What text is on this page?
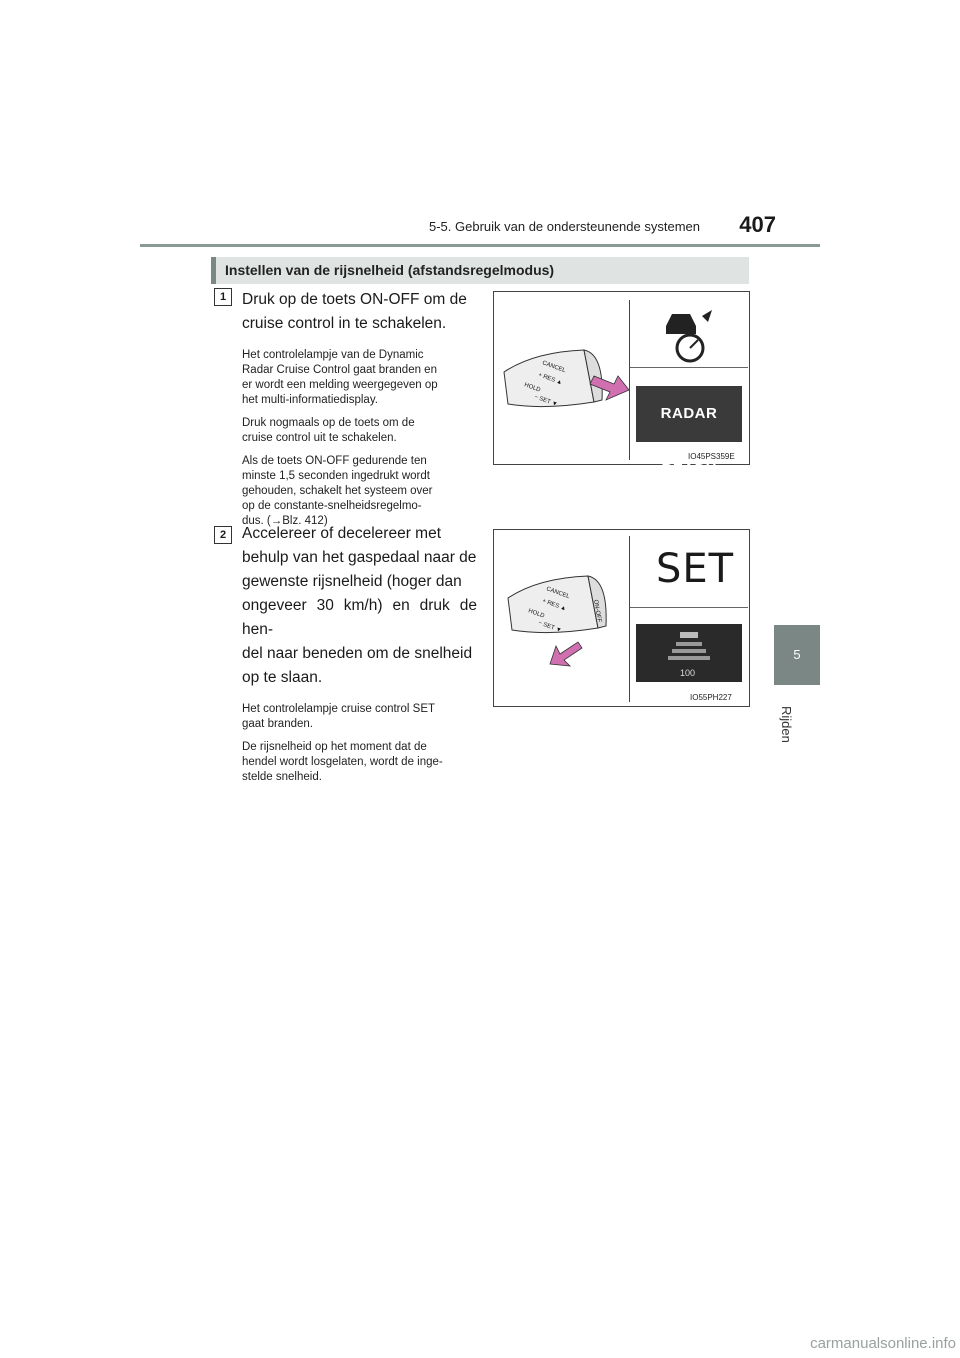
5-5. Gebruik van de ondersteunende systemen	407
5
Rijden
Instellen van de rijsnelheid (afstandsregelmodus)
1	Druk op de toets ON-OFF om de
cruise control in te schakelen.
Het controlelampje van de Dynamic
Radar Cruise Control gaat branden en
er wordt een melding weergegeven op
het multi-informatiedisplay.
Druk nogmaals op de toets om de
cruise control uit te schakelen.
Als de toets ON-OFF gedurende ten
minste 1,5 seconden ingedrukt wordt
gehouden, schakelt het systeem over
op de constante-snelheidsregelmo-
dus. (→Blz. 412)
CANCEL
+ RES ▲
HOLD
− SET ▼
RADAR READY
IO45PS359E
2	Accelereer of decelereer met
behulp van het gaspedaal naar de
gewenste rijsnelheid (hoger dan
ongeveer 30 km/h) en druk de hen-
del naar beneden om de snelheid
op te slaan.
Het controlelampje cruise control SET
gaat branden.
De rijsnelheid op het moment dat de
hendel wordt losgelaten, wordt de inge-
stelde snelheid.
CANCEL
+ RES ▲
HOLD
− SET ▼
ON-OFF
SET
100
IO55PH227
carmanualsonline.info
